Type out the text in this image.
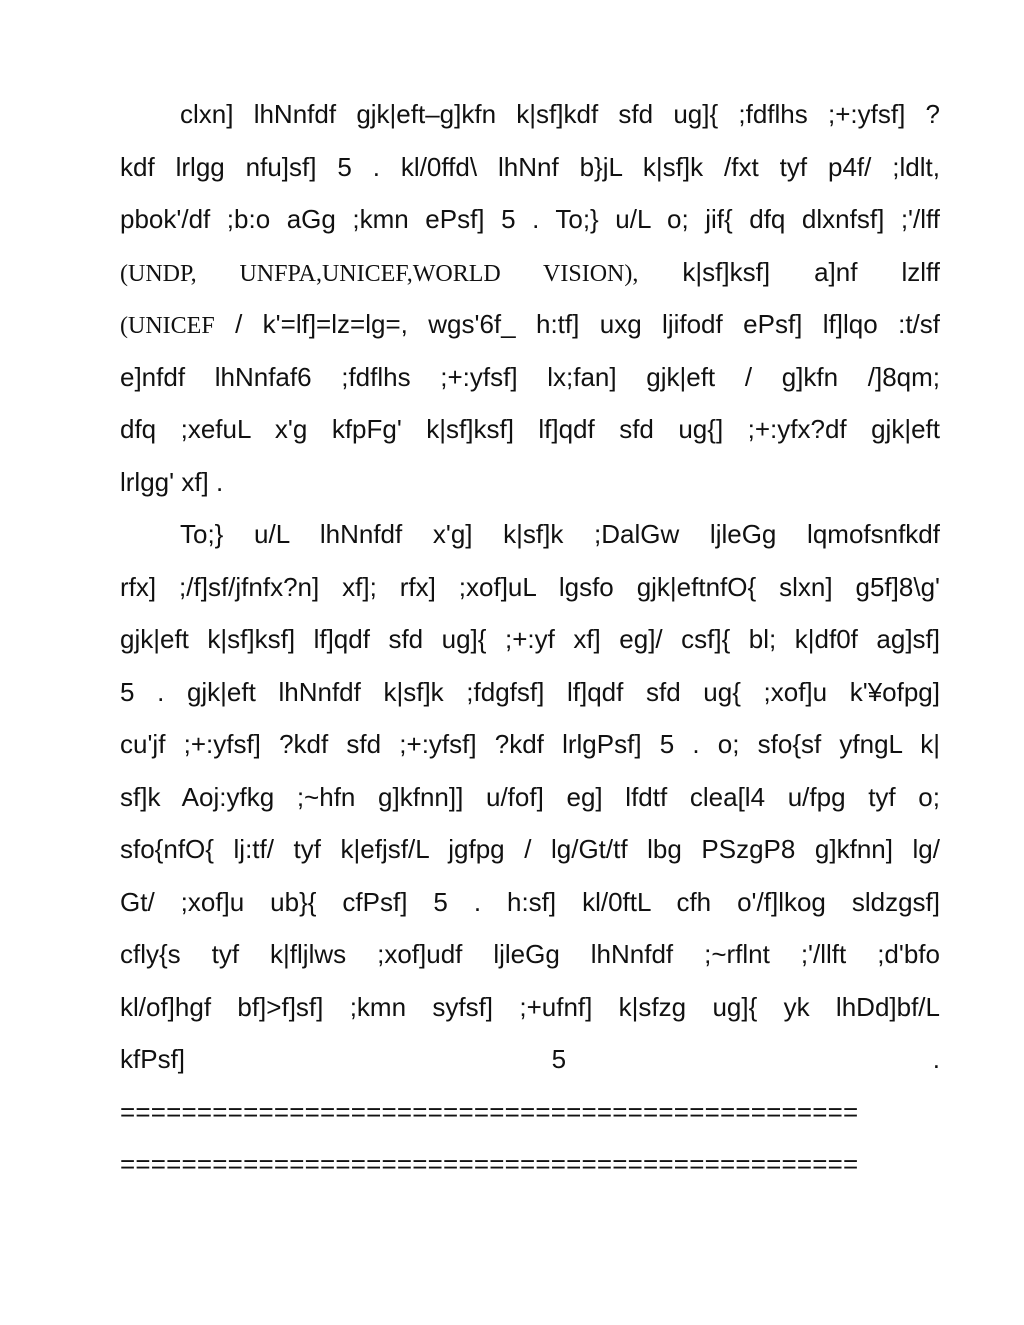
clxn] lhNnfdf gjk|eft–g]kfn k|sf]kdf sfd ug]{ ;fdflhs ;+:yfsf] ?
kdf lrlgg nfu]sf] 5 . kl/0ffd\ lhNnf b}jL k|sf]k /fxt tyf p4f/ ;ldlt,
pbok'/df ;b:o aGg ;kmn ePsf] 5 . To;} u/L o; jif{ dfq dlxnfsf] ;'/lff
(UNDP, UNFPA,UNICEF,WORLD VISION), k|sf]ksf] a]nf lzlff
(UNICEF / k'=lf]=lz=lg=, wgs'6f_ h:tf] uxg ljifodf ePsf] lf]lqo :t/sf
e]nfdf lhNnfaf6 ;fdflhs ;+:yfsf] lx;fan] gjk|eft / g]kfn /]8qm;
dfq ;xefuL x'g kfpFg' k|sf]ksf] lf]qdf sfd ug{] ;+:yfx?df gjk|eft
lrlgg' xf] .
To;} u/L lhNnfdf x'g] k|sf]k ;DalGw ljleGg lqmofsnfkdf
rfx] ;/f]sf/jfnfx?n] xf]; rfx] ;xof]uL lgsfo gjk|eftnfO{ slxn] g5f]8\g'
gjk|eft k|sf]ksf] lf]qdf sfd ug]{ ;+:yf xf] eg]/ csf]{ bl; k|df0f ag]sf]
5 . gjk|eft lhNnfdf k|sf]k ;fdgfsf] lf]qdf sfd ug{ ;xof]u k'¥ofpg]
cu'jf ;+:yfsf] ?kdf sfd ;+:yfsf] ?kdf lrlgPsf] 5 . o; sfo{sf yfngL k|
sf]k Aoj:yfkg ;~hfn g]kfnn]] u/fof] eg] lfdtf clea[l4 u/fpg tyf o;
sfo{nfO{ lj:tf/ tyf k|efjsf/L jgfpg / lg/Gt/tf lbg PSzgP8 g]kfnn] lg/
Gt/ ;xof]u ub}{ cfPsf] 5 . h:sf] kl/0ftL cfh o'/f]lkog sldzgsf]
cfly{s tyf k|fljlws ;xof]udf ljleGg lhNnfdf ;~rflnt ;'/llft ;d'bfo
kl/of]hgf bf]>f]sf] ;kmn syfsf] ;+ufnf] k|sfzg ug]{ yk lhDd]bf/L
kfPsf]	5	.
================================================
================================================
